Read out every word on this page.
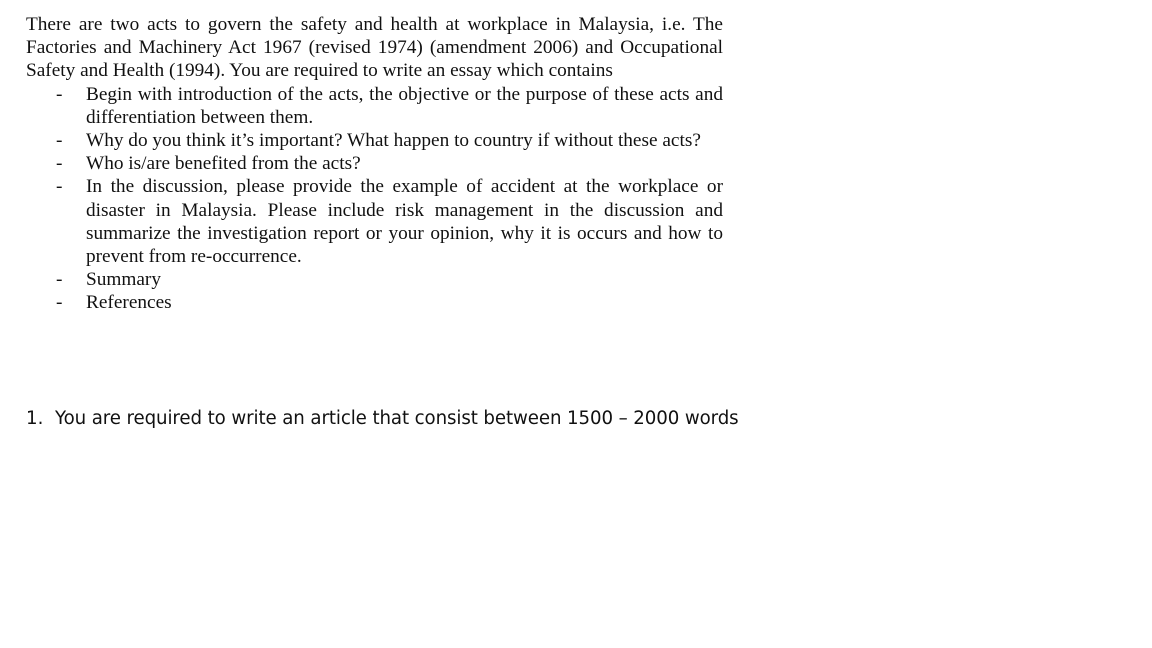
There are two acts to govern the safety and health at workplace in Malaysia, i.e. The Factories and Machinery Act 1967 (revised 1974) (amendment 2006) and Occupational Safety and Health (1994). You are required to write an essay which contains

-	Begin with introduction of the acts, the objective or the purpose of these acts and differentiation between them.
-	Why do you think it’s important? What happen to country if without these acts?
-	Who is/are benefited from the acts?
-	In the discussion, please provide the example of accident at the workplace or disaster in Malaysia. Please include risk management in the discussion and summarize the investigation report or your opinion, why it is occurs and how to prevent from re-occurrence.
-	Summary
-	References
1. You are required to write an article that consist between 1500 – 2000 words
